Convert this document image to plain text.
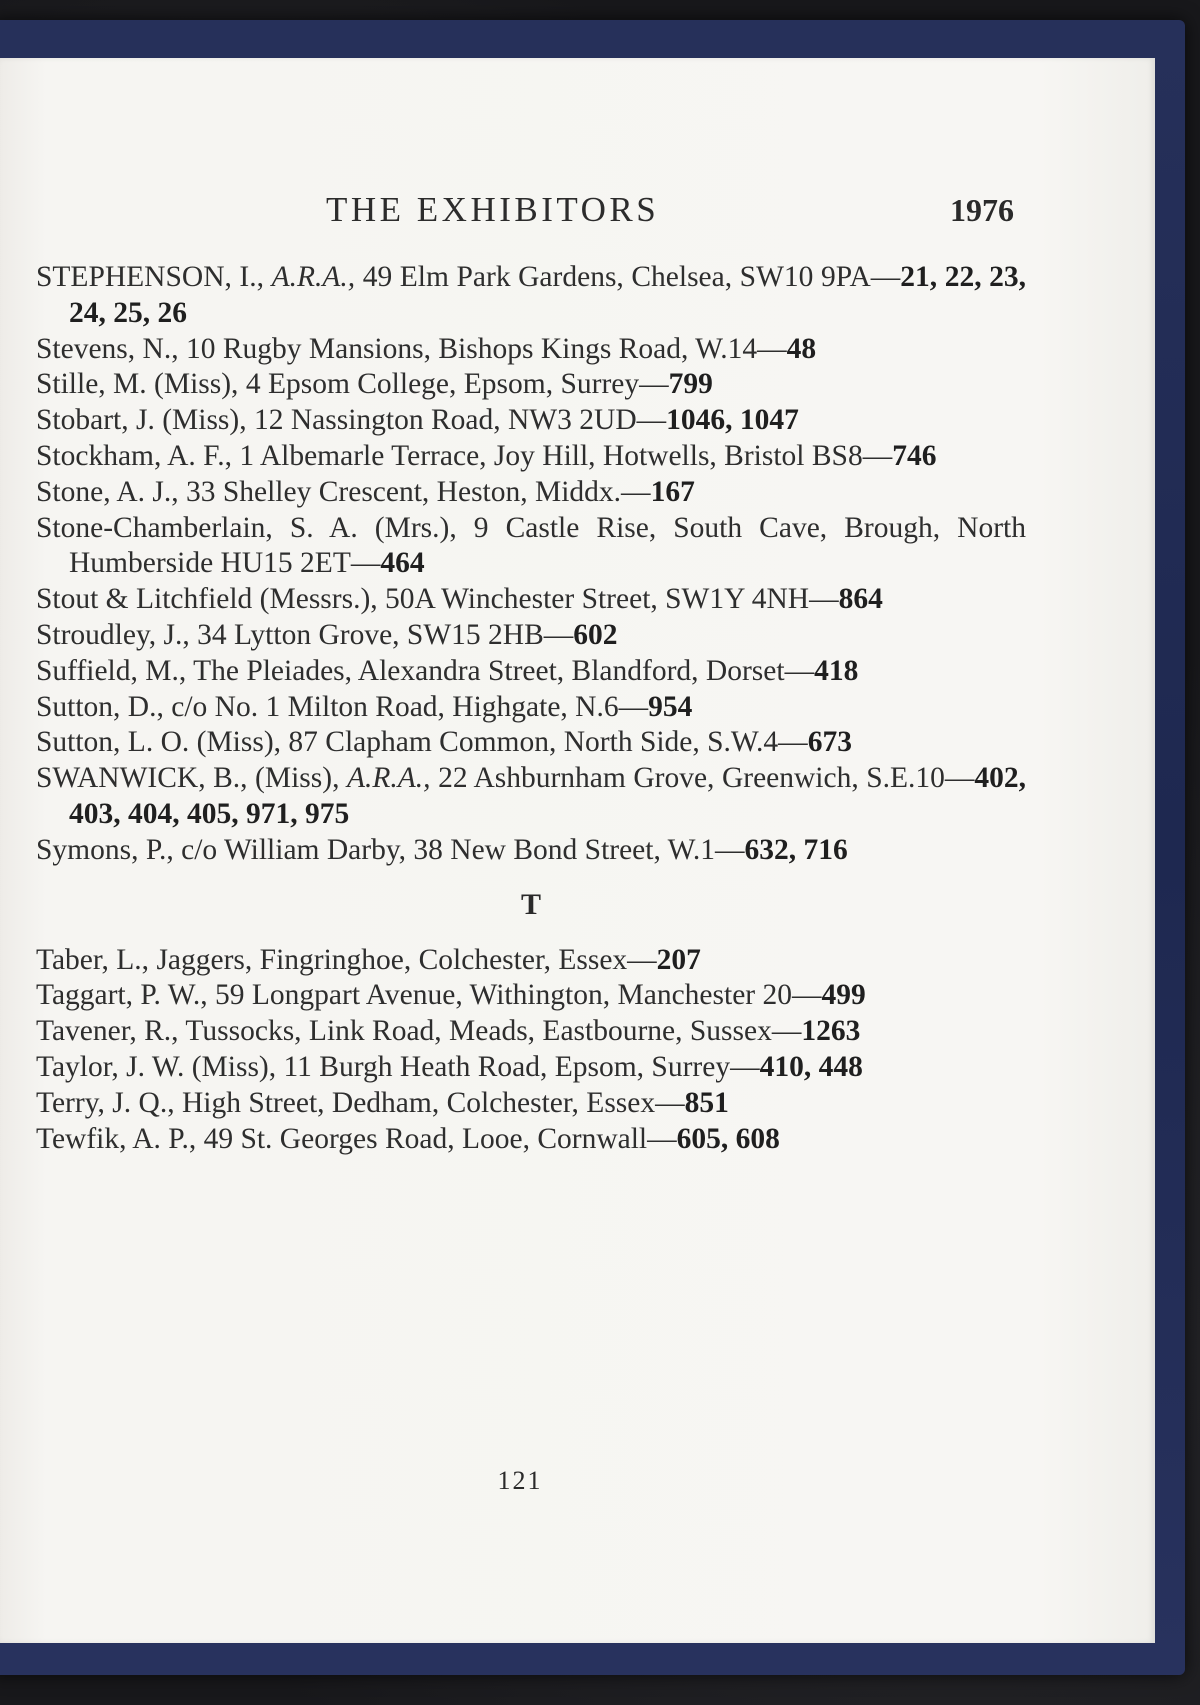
THE EXHIBITORS	1976
STEPHENSON, I., A.R.A., 49 Elm Park Gardens, Chelsea, SW10 9PA—21, 22, 23, 24, 25, 26
Stevens, N., 10 Rugby Mansions, Bishops Kings Road, W.14—48
Stille, M. (Miss), 4 Epsom College, Epsom, Surrey—799
Stobart, J. (Miss), 12 Nassington Road, NW3 2UD—1046, 1047
Stockham, A. F., 1 Albemarle Terrace, Joy Hill, Hotwells, Bristol BS8—746
Stone, A. J., 33 Shelley Crescent, Heston, Middx.—167
Stone-Chamberlain, S. A. (Mrs.), 9 Castle Rise, South Cave, Brough, North Humberside HU15 2ET—464
Stout & Litchfield (Messrs.), 50A Winchester Street, SW1Y 4NH—864
Stroudley, J., 34 Lytton Grove, SW15 2HB—602
Suffield, M., The Pleiades, Alexandra Street, Blandford, Dorset—418
Sutton, D., c/o No. 1 Milton Road, Highgate, N.6—954
Sutton, L. O. (Miss), 87 Clapham Common, North Side, S.W.4—673
SWANWICK, B., (Miss), A.R.A., 22 Ashburnham Grove, Greenwich, S.E.10—402, 403, 404, 405, 971, 975
Symons, P., c/o William Darby, 38 New Bond Street, W.1—632, 716
T
Taber, L., Jaggers, Fingringhoe, Colchester, Essex—207
Taggart, P. W., 59 Longpart Avenue, Withington, Manchester 20—499
Tavener, R., Tussocks, Link Road, Meads, Eastbourne, Sussex—1263
Taylor, J. W. (Miss), 11 Burgh Heath Road, Epsom, Surrey—410, 448
Terry, J. Q., High Street, Dedham, Colchester, Essex—851
Tewfik, A. P., 49 St. Georges Road, Looe, Cornwall—605, 608
121
